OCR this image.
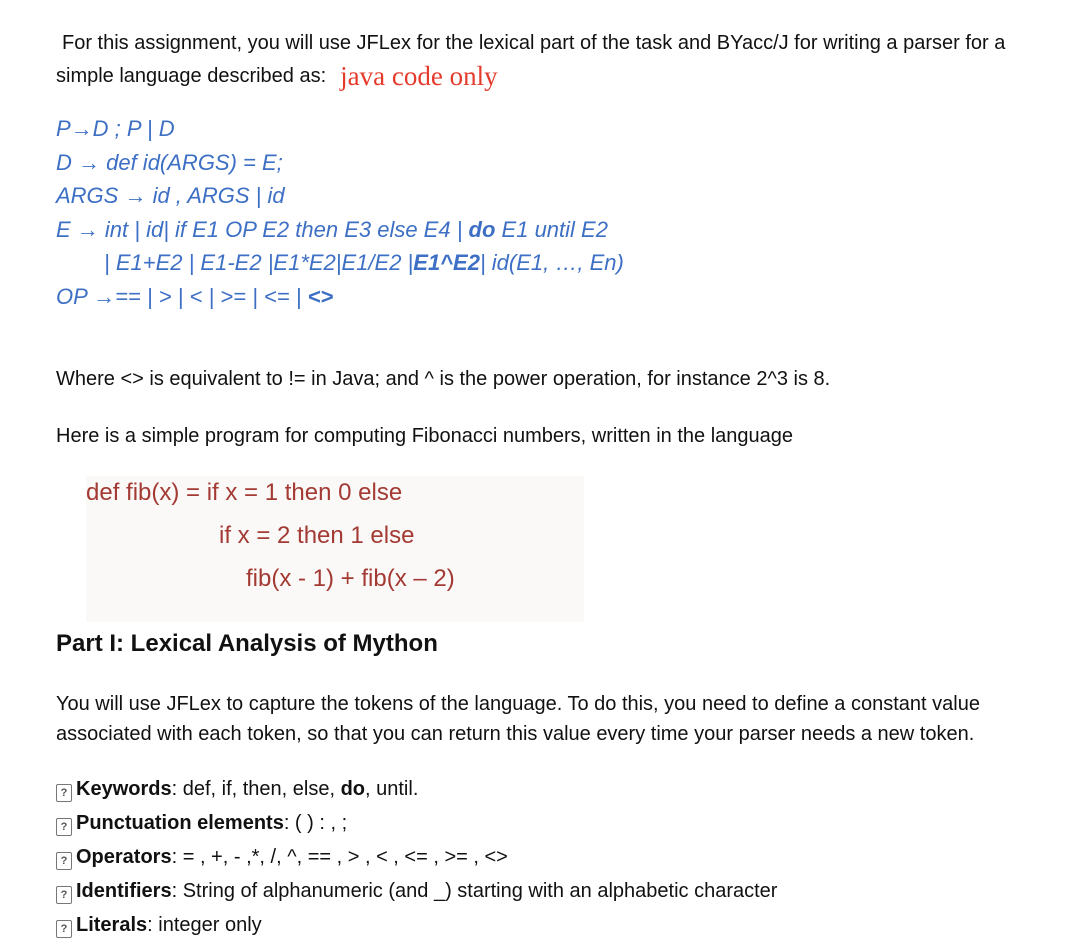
For this assignment, you will use JFLex for the lexical part of the task and BYacc/J for writing a parser for a
simple language described as: java code only
P→D ; P | D
D → def id(ARGS) = E;
ARGS → id , ARGS | id
E → int | id| if E1 OP E2 then E3 else E4 | do E1 until E2
| E1+E2 | E1-E2 |E1*E2|E1/E2 |E1^E2| id(E1, …, En)
OP →== | > | < | >= | <= | <>
Where <> is equivalent to != in Java; and ^ is the power operation, for instance 2^3 is 8.
Here is a simple program for computing Fibonacci numbers, written in the language
def fib(x) = if x = 1 then 0 else
if x = 2 then 1 else
fib(x - 1) + fib(x – 2)
Part I: Lexical Analysis of Mython
You will use JFLex to capture the tokens of the language. To do this, you need to define a constant value
associated with each token, so that you can return this value every time your parser needs a new token.
? Keywords: def, if, then, else, do, until.
? Punctuation elements: ( ) : , ;
? Operators: = , +, - ,*, /, ^, == , > , < , <= , >= , <>
? Identifiers: String of alphanumeric (and _) starting with an alphabetic character
? Literals: integer only
